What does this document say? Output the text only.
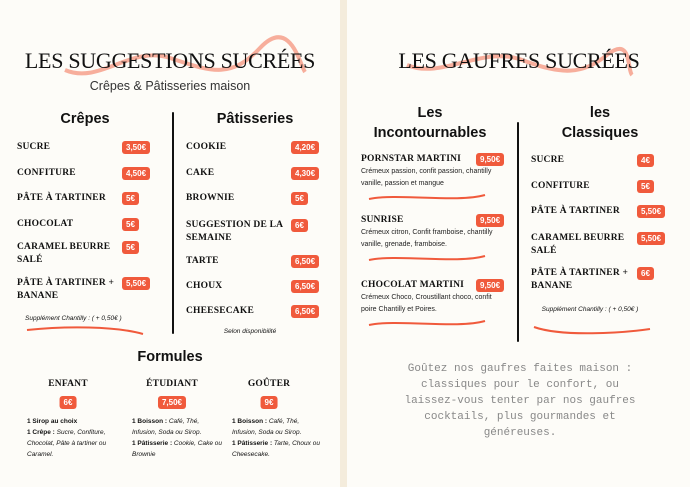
LES SUGGESTIONS SUCRÉES
Crêpes & Pâtisseries maison
Crêpes	Pâtisseries
SUCRE	3,50€
CONFITURE	4,50€
PÂTE À TARTINER	5€
CHOCOLAT	5€
CARAMEL BEURRE SALÉ
5€
PÂTE À TARTINER + BANANE
5,50€
COOKIE	4,20€
CAKE	4,30€
BROWNIE	5€
SUGGESTION DE LA SEMAINE
6€
TARTE	6,50€
CHOUX	6,50€
CHEESECAKE	6,50€
Supplément Chantilly : ( + 0,50€ )
Selon disponibilité
Formules
ENFANT
6€
1 Sirop au choix
1 Crêpe : Sucre, Confiture, Chocolat, Pâte à tartiner ou Caramel.
ÉTUDIANT
7,50€
1 Boisson : Café, Thé, Infusion, Soda ou Sirop.
1 Pâtisserie : Cookie, Cake ou Brownie
GOÛTER
9€
1 Boisson : Café, Thé, Infusion, Soda ou Sirop.
1 Pâtisserie : Tarte, Choux ou Cheesecake.
LES GAUFRES SUCRÉES
Les
Incontournables
les
Classiques
PORNSTAR MARTINI	9,50€
Crémeux passion, confit passion, chantilly vanille, passion et mangue
SUNRISE	9,50€
Crémeux citron, Confit framboise, chantilly vanille, grenade, framboise.
CHOCOLAT MARTINI	9,50€
Crémeux Choco, Croustillant choco, confit poire Chantilly et Poires.
SUCRE	4€
CONFITURE	5€
PÂTE À TARTINER	5,50€
CARAMEL BEURRE SALÉ
5,50€
PÂTE À TARTINER + BANANE
6€
Supplément Chantilly : ( + 0,50€ )
Goûtez nos gaufres faites maison : classiques pour le confort, ou laissez-vous tenter par nos gaufres cocktails, plus gourmandes et généreuses.
